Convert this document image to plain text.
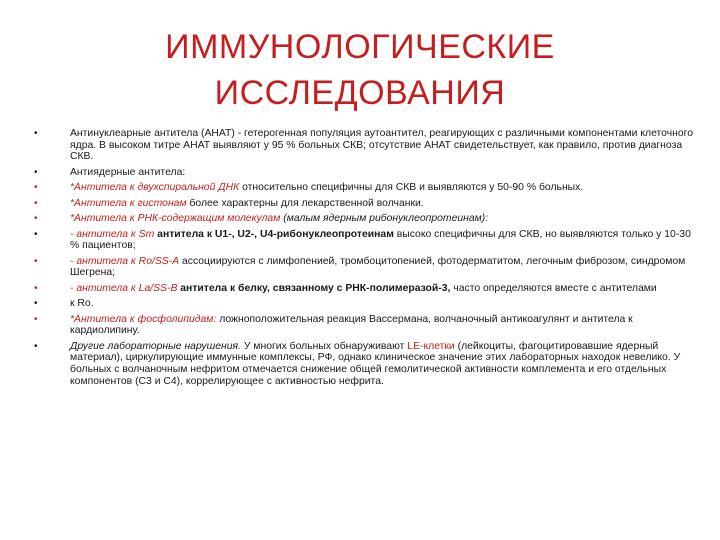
ИММУНОЛОГИЧЕСКИЕ
ИССЛЕДОВАНИЯ
•	Антинуклеарные антитела (АНАТ) - гетерогенная популяция аутоантител, реагирующих с различными компонентами клеточного ядра. В высоком титре АНАТ выявляют у 95 % больных СКВ; отсутствие АНАТ свидетельствует, как правило, против диагноза СКВ.
•	Антиядерные антитела:
•	*Антитела к двухспиральной ДНК относительно специфичны для СКВ и выявляются у 50-90 % больных.
•	*Антитела к гистонам более характерны для лекарственной волчанки.
•	*Антитела к РНК-содержащим молекулам (малым ядерным рибонуклеопротеинам):
•	- антитела к Sm антитела к U1-, U2-, U4-рибонуклеопротеинам высоко специфичны для СКВ, но выявляются только у 10-30 % пациентов;
•	- антитела к Ro/SS-A ассоциируются с лимфопенией, тромбоцитопенией, фотодерматитом, легочным фиброзом, синдромом Шегрена;
•	- антитела к La/SS-B антитела к белку, связанному с РНК-полимеразой-3, часто определяются вместе с антителами
•	к Ro.
•	*Антитела к фосфолипидам: ложноположительная реакция Вассермана, волчаночный антикоагулянт и антитела к кардиолипину.
•	Другие лабораторные нарушения. У многих больных обнаруживают LE-клетки (лейкоциты, фагоцитировавшие ядерный материал), циркулирующие иммунные комплексы, РФ, однако клиническое значение этих лабораторных находок невелико. У больных с волчаночным нефритом отмечается снижение общей гемолитической активности комплемента и его отдельных компонентов (С3 и С4), коррелирующее с активностью нефрита.
